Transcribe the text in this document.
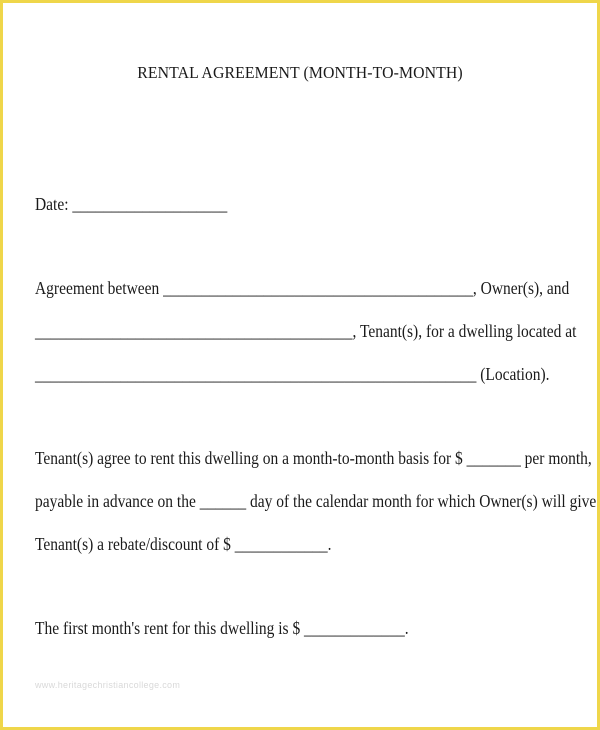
RENTAL AGREEMENT (MONTH-TO-MONTH)
Date: ____________________
Agreement between ________________________________________, Owner(s), and
_________________________________________, Tenant(s), for a dwelling located at
_________________________________________________________ (Location).
Tenant(s) agree to rent this dwelling on a month-to-month basis for $ _______ per month,
payable in advance on the ______ day of the calendar month for which Owner(s) will give
Tenant(s) a rebate/discount of $ ____________.
The first month's rent for this dwelling is $ _____________.
www.heritagechristiancollege.com
